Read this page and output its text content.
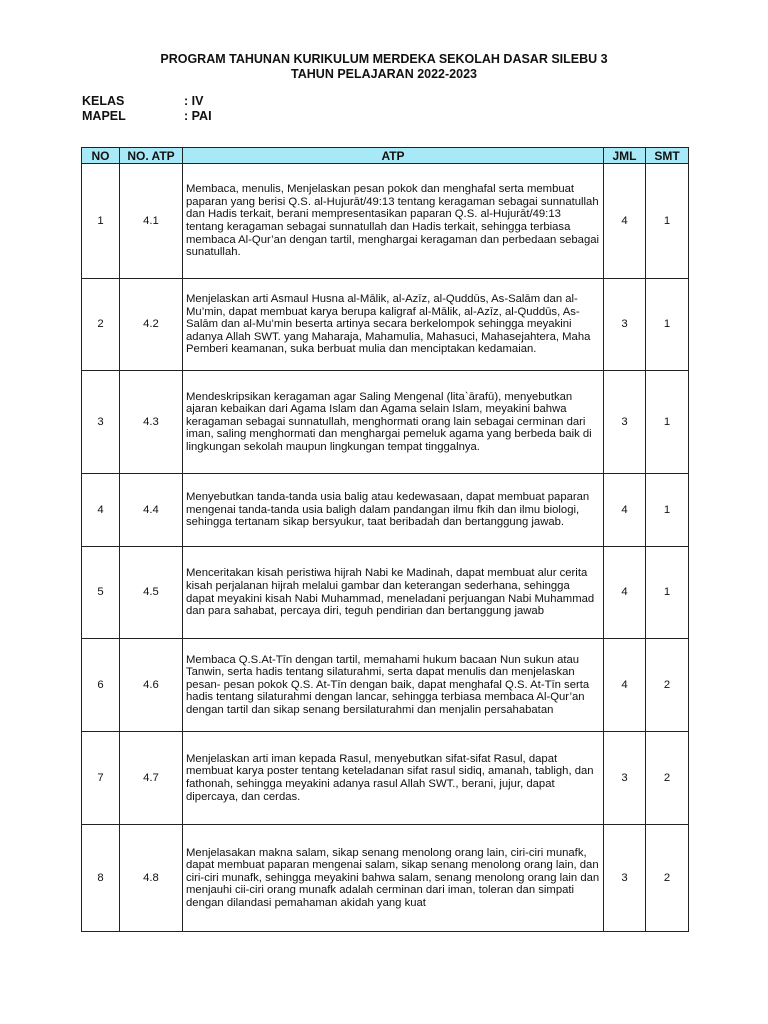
PROGRAM TAHUNAN KURIKULUM MERDEKA SEKOLAH DASAR SILEBU 3
TAHUN PELAJARAN 2022-2023
KELAS	: IV
MAPEL	: PAI
NO	NO. ATP	ATP	JML	SMT
1	4.1	Membaca, menulis, Menjelaskan pesan pokok dan menghafal serta membuat paparan yang berisi Q.S. al-Hujurāt/49:13 tentang keragaman sebagai sunnatullah dan Hadis terkait, berani mempresentasikan paparan Q.S. al-Hujurāt/49:13 tentang keragaman sebagai sunnatullah dan Hadis terkait, sehingga terbiasa membaca Al-Qur’an dengan tartil, menghargai keragaman dan perbedaan sebagai sunatullah.	4	1
2	4.2	Menjelaskan arti Asmaul Husna al-Mālik, al-Azīz, al-Quddūs, As-Salām dan al-Mu’min, dapat membuat karya berupa kaligraf al-Mālik, al-Azīz, al-Quddūs, As-Salām dan al-Mu’min beserta artinya secara berkelompok sehingga meyakini adanya Allah SWT. yang Maharaja, Mahamulia, Mahasuci, Mahasejahtera, Maha Pemberi keamanan, suka berbuat mulia dan menciptakan kedamaian.	3	1
3	4.3	Mendeskripsikan keragaman agar Saling Mengenal (lita`ārafū), menyebutkan ajaran kebaikan dari Agama Islam dan Agama selain Islam, meyakini bahwa keragaman sebagai sunnatullah, menghormati orang lain sebagai cerminan dari iman, saling menghormati dan menghargai pemeluk agama yang berbeda baik di lingkungan sekolah maupun lingkungan tempat tinggalnya.	3	1
4	4.4	Menyebutkan tanda-tanda usia balig atau kedewasaan, dapat membuat paparan mengenai tanda-tanda usia baligh dalam pandangan ilmu fkih dan ilmu biologi, sehingga tertanam sikap bersyukur, taat beribadah dan bertanggung jawab.	4	1
5	4.5	Menceritakan kisah peristiwa hijrah Nabi ke Madinah, dapat membuat alur cerita kisah perjalanan hijrah melalui gambar dan keterangan sederhana, sehingga dapat meyakini kisah Nabi Muhammad, meneladani perjuangan Nabi Muhammad dan para sahabat, percaya diri, teguh pendirian dan bertanggung jawab	4	1
6	4.6	Membaca Q.S.At-Tīn dengan tartil, memahami hukum bacaan Nun sukun atau Tanwin, serta hadis tentang silaturahmi, serta dapat menulis dan menjelaskan pesan- pesan pokok Q.S. At-Tīn dengan baik, dapat menghafal Q.S. At-Tīn serta hadis tentang silaturahmi dengan lancar, sehingga terbiasa membaca Al-Qur’an dengan tartil dan sikap senang bersilaturahmi dan menjalin persahabatan	4	2
7	4.7	Menjelaskan arti iman kepada Rasul, menyebutkan sifat-sifat Rasul, dapat membuat karya poster tentang keteladanan sifat rasul sidiq, amanah, tabligh, dan fathonah, sehingga meyakini adanya rasul Allah SWT., berani, jujur, dapat dipercaya, dan cerdas.	3	2
8	4.8	Menjelasakan makna salam, sikap senang menolong orang lain, ciri-ciri munafk, dapat membuat paparan mengenai salam, sikap senang menolong orang lain, dan ciri-ciri munafk, sehingga meyakini bahwa salam, senang menolong orang lain dan menjauhi cii-ciri orang munafk adalah cerminan dari iman, toleran dan simpati dengan dilandasi pemahaman akidah yang kuat	3	2
